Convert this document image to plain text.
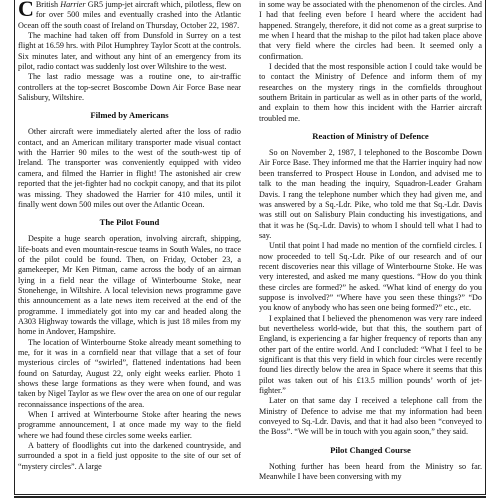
C British Harrier GR5 jump-jet aircraft which, pilotless, flew on for over 500 miles and eventually crashed into the Atlantic Ocean off the south coast of Ireland on Thursday, October 22, 1987.

The machine had taken off from Dunsfold in Surrey on a test flight at 16.59 hrs. with Pilot Humphrey Taylor Scott at the controls. Six minutes later, and without any hint of an emergency from its pilot, radio contact was suddenly lost over Wiltshire to the west.

The last radio message was a routine one, to air-traffic controllers at the top-secret Boscombe Down Air Force Base near Salisbury, Wiltshire.

Filmed by Americans

Other aircraft were immediately alerted after the loss of radio contact, and an American military transporter made visual contact with the Harrier 90 miles to the west of the south-west tip of Ireland. The transporter was conveniently equipped with video camera, and filmed the Harrier in flight! The astonished air crew reported that the jet-fighter had no cockpit canopy, and that its pilot was missing. They shadowed the Harrier for 410 miles, until it finally went down 500 miles out over the Atlantic Ocean.

The Pilot Found

Despite a huge search operation, involving aircraft, shipping, life-boats and even mountain-rescue teams in South Wales, no trace of the pilot could be found. Then, on Friday, October 23, a gamekeeper, Mr Ken Pitman, came across the body of an airman lying in a field near the village of Winterbourne Stoke, near Stonehenge, in Wiltshire. A local television news programme gave this announcement as a late news item received at the end of the programme. I immediately got into my car and headed along the A303 Highway towards the village, which is just 18 miles from my home in Andover, Hampshire.

The location of Winterbourne Stoke already meant something to me, for it was in a cornfield near that village that a set of four mysterious circles of “swirled”, flattened indentations had been found on Saturday, August 22, only eight weeks earlier. Photo 1 shows these large formations as they were when found, and was taken by Nigel Taylor as we flew over the area on one of our regular reconnaissance inspections of the area.

When I arrived at Winterbourne Stoke after hearing the news programme announcement, I at once made my way to the field where we had found these circles some weeks earlier.

A battery of floodlights cut into the darkened countryside, and surrounded a spot in a field just opposite to the site of our set of “mystery circles”. A large

in some way be associated with the phenomenon of the circles. And I had that feeling even before I heard where the accident had happened. Strangely, therefore, it did not come as a great surprise to me when I heard that the mishap to the pilot had taken place above that very field where the circles had been. It seemed only a confirmation.

I decided that the most responsible action I could take would be to contact the Ministry of Defence and inform them of my researches on the mystery rings in the cornfields throughout southern Britain in particular as well as in other parts of the world, and explain to them how this incident with the Harrier aircraft troubled me.

Reaction of Ministry of Defence

So on November 2, 1987, I telephoned to the Boscombe Down Air Force Base. They informed me that the Harrier inquiry had now been transferred to Prospect House in London, and advised me to talk to the man heading the inquiry, Squadron-Leader Graham Davis. I rang the telephone number which they had given me, and was answered by a Sq.-Ldr. Pike, who told me that Sq.-Ldr. Davis was still out on Salisbury Plain conducting his investigations, and that it was he (Sq.-Ldr. Davis) to whom I should tell what I had to say.

Until that point I had made no mention of the cornfield circles. I now proceeded to tell Sq.-Ldr. Pike of our research and of our recent discoveries near this village of Winterbourne Stoke. He was very interested, and asked me many questions. “How do you think these circles are formed?” he asked. “What kind of energy do you suppose is involved?” “Where have you seen these things?” “Do you know of anybody who has seen one being formed?” etc., etc.

I explained that I believed the phenomenon was very rare indeed but nevertheless world-wide, but that this, the southern part of England, is experiencing a far higher frequency of reports than any other part of the entire world. And I concluded: “What I feel to be significant is that this very field in which four circles were recently found lies directly below the area in Space where it seems that this pilot was taken out of his £13.5 million pounds’ worth of jet-fighter.”

Later on that same day I received a telephone call from the Ministry of Defence to advise me that my information had been conveyed to Sq.-Ldr. Davis, and that it had also been “conveyed to the Boss”. “We will be in touch with you again soon,” they said.

Pilot Changed Course

Nothing further has been heard from the Ministry so far. Meanwhile I have been conversing with my
